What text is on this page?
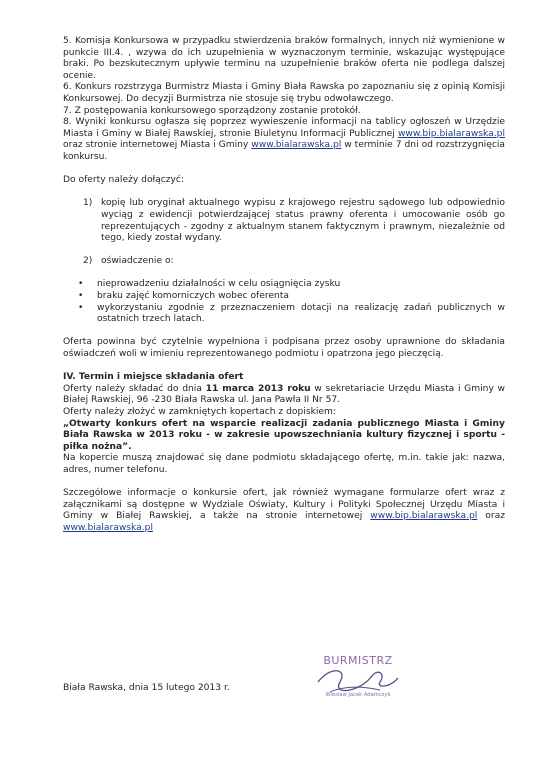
5. Komisja Konkursowa w przypadku stwierdzenia braków formalnych, innych niż wymienione w punkcie III.4. , wzywa do ich uzupełnienia w wyznaczonym terminie, wskazując występujące braki. Po bezskutecznym upływie terminu na uzupełnienie braków oferta nie podlega dalszej ocenie.

6. Konkurs rozstrzyga Burmistrz Miasta i Gminy Biała Rawska po zapoznaniu się z opinią Komisji Konkursowej. Do decyzji Burmistrza nie stosuje się trybu odwoławczego.

7. Z postępowania konkursowego sporządzony zostanie protokół.

8. Wyniki konkursu ogłasza się poprzez wywieszenie informacji na tablicy ogłoszeń w Urzędzie Miasta i Gminy w Białej Rawskiej, stronie Biuletynu Informacji Publicznej www.bip.bialarawska.pl oraz stronie internetowej Miasta i Gminy www.bialarawska.pl w terminie 7 dni od rozstrzygnięcia konkursu.

Do oferty należy dołączyć:

1) kopię lub oryginał aktualnego wypisu z krajowego rejestru sądowego lub odpowiednio wyciąg z ewidencji potwierdzającej status prawny oferenta i umocowanie osób go reprezentujących - zgodny z aktualnym stanem faktycznym i prawnym, niezależnie od tego, kiedy został wydany.
2) oświadczenie o:
•	nieprowadzeniu działalności w celu osiągnięcia zysku
•	braku zajęć komorniczych wobec oferenta
•	wykorzystaniu zgodnie z przeznaczeniem dotacji na realizację zadań publicznych w ostatnich trzech latach.

Oferta powinna być czytelnie wypełniona i podpisana przez osoby uprawnione do składania oświadczeń woli w imieniu reprezentowanego podmiotu i opatrzona jego pieczęcią.

IV. Termin i miejsce składania ofert

Oferty należy składać do dnia 11 marca 2013 roku w sekretariacie Urzędu Miasta i Gminy w Białej Rawskiej, 96 -230 Biała Rawska ul. Jana Pawła II Nr 57.

Oferty należy złożyć w zamkniętych kopertach z dopiskiem:

„Otwarty konkurs ofert na wsparcie realizacji zadania publicznego Miasta i Gminy Biała Rawska w 2013 roku - w zakresie upowszechniania kultury fizycznej i sportu - piłka nożna”.

Na kopercie muszą znajdować się dane podmiotu składającego ofertę, m.in. takie jak: nazwa, adres, numer telefonu.

Szczegółowe informacje o konkursie ofert, jak również wymagane formularze ofert wraz z załącznikami są dostępne w Wydziale Oświaty, Kultury i Polityki Społecznej Urzędu Miasta i Gminy w Białej Rawskiej, a także na stronie internetowej www.bip.bialarawska.pl oraz www.bialarawska.pl

BURMISTRZ
Wiesław Jacek Adamczyk
Biała Rawska, dnia 15 lutego 2013 r.
